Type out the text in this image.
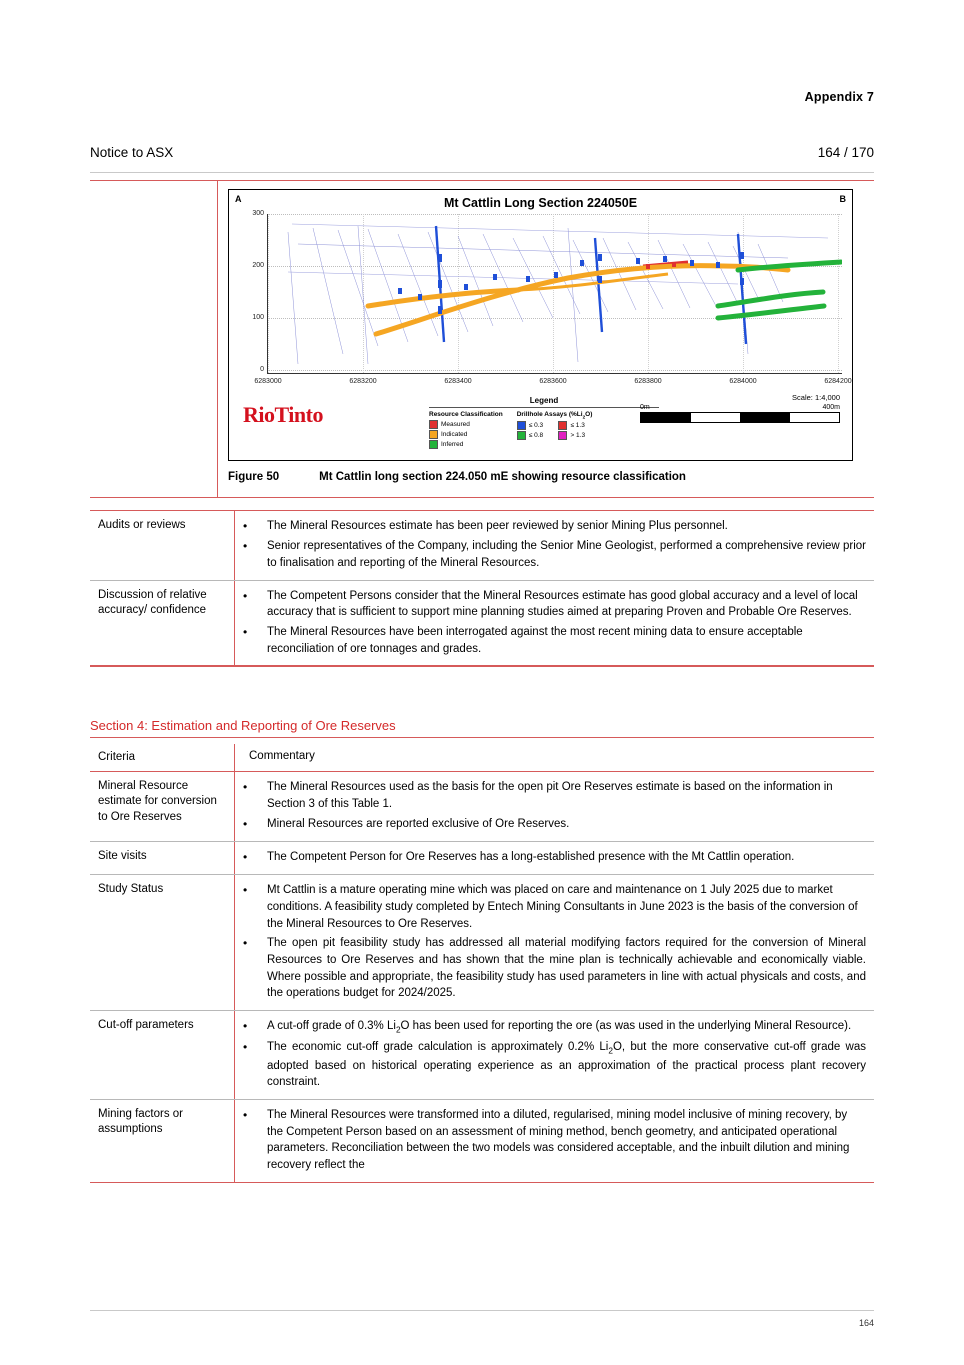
Appendix 7
Notice to ASX	164 / 170
A	B
Mt Cattlin Long Section 224050E
300
200
100
0
6283000	6283200	6283400	6283600	6283800	6284000	6284200
Legend
Resource Classification
Measured
Indicated
Inferred
Drillhole Assays $(\%Li_2O)$
≤ 0.3	≤ 1.3
≤ 0.8	> 1.3
RioTinto
Scale: 1:4,000
0m	400m
Figure 50	Mt Cattlin long section 224.050 mE showing resource classification
Audits or reviews	• The Mineral Resources estimate has been peer reviewed by senior Mining Plus personnel.
• Senior representatives of the Company, including the Senior Mine Geologist, performed a comprehensive review prior to finalisation and reporting of the Mineral Resources.

Discussion of relative accuracy/ confidence	• The Competent Persons consider that the Mineral Resources estimate has good global accuracy and a level of local accuracy that is sufficient to support mine planning studies aimed at preparing Proven and Probable Ore Reserves.
• The Mineral Resources have been interrogated against the most recent mining data to ensure acceptable reconciliation of ore tonnages and grades.
Section 4: Estimation and Reporting of Ore Reserves
Criteria	Commentary
Mineral Resource estimate for conversion to Ore Reserves	• The Mineral Resources used as the basis for the open pit Ore Reserves estimate is based on the information in Section 3 of this Table 1.
• Mineral Resources are reported exclusive of Ore Reserves.

Site visits	• The Competent Person for Ore Reserves has a long-established presence with the Mt Cattlin operation.

Study Status	• Mt Cattlin is a mature operating mine which was placed on care and maintenance on 1 July 2025 due to market conditions. A feasibility study completed by Entech Mining Consultants in June 2023 is the basis of the conversion of the Mineral Resources to Ore Reserves.
• The open pit feasibility study has addressed all material modifying factors required for the conversion of Mineral Resources to Ore Reserves and has shown that the mine plan is technically achievable and economically viable. Where possible and appropriate, the feasibility study has used parameters in line with actual physicals and costs, and the operations budget for 2024/2025.

Cut-off parameters	• A cut-off grade of 0.3% $Li_2O$ has been used for reporting the ore (as was used in the underlying Mineral Resource).
• The economic cut-off grade calculation is approximately 0.2% $Li_2O$, but the more conservative cut-off grade was adopted based on historical operating experience as an approximation of the practical process plant recovery constraint.

Mining factors or assumptions	• The Mineral Resources were transformed into a diluted, regularised, mining model inclusive of mining recovery, by the Competent Person based on an assessment of mining method, bench geometry, and anticipated operational parameters. Reconciliation between the two models was considered acceptable, and the inbuilt dilution and mining recovery reflect the
164
